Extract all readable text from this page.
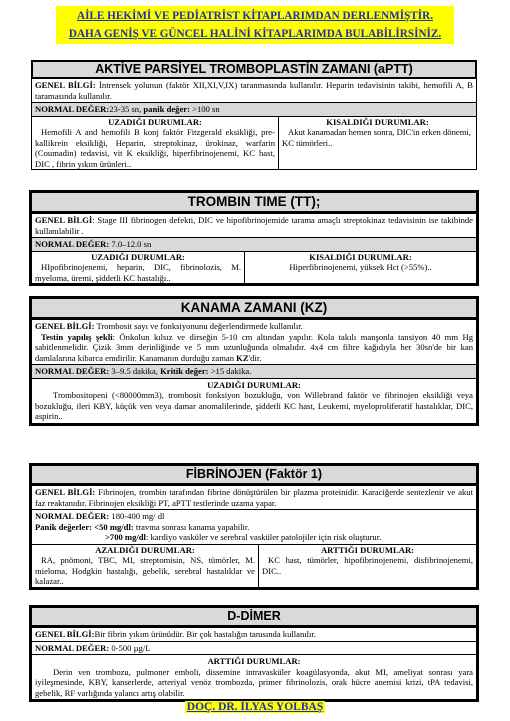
AİLE HEKİMİ VE PEDİATRİST KİTAPLARIMDAN DERLENMİŞTİR.
DAHA GENİŞ VE GÜNCEL HALİNİ KİTAPLARIMDA BULABİLİRSİNİZ.
AKTİVE PARSİYEL TROMBOPLASTİN ZAMANI (aPTT)
GENEL BİLGİ: İntrensek yolunun (faktör XII,XI,V,IX) taranmasında kullanılır. Heparin tedavisinin takibi, hemofili A, B taramasında kullanılır.
NORMAL DEĞER:23-35 sn, panik değer: >100 sn
UZADIĞI DURUMLAR:
Hemofili A and hemofili B konj faktör Fitzgerald eksikliği, pre-kallikrein eksikliği, Heparin, streptokinaz, ürokinaz, warfarin (Coumadin) tedavisi, vit K eksikliği, hiperfibrinojenemi, KC hast, DIC , fibrin yıkım ürünleri..
KISALDIĞI DURUMLAR:
Akut kanamadan hemen sonra, DIC'in erken dönemi, KC tümörleri..
TROMBIN TIME (TT);
GENEL BİLGİ: Stage III fibrinogen defekti, DIC ve hipofibrinojemide tarama amaçlı streptokinaz tedavisinin ise takibinde kullanılabilir .
NORMAL DEĞER: 7.0–12.0 sn
UZADIĞI DURUMLAR:
HIpofibrinojenemi, heparin, DIC, fibrinolozis, M. myeloma, üremi, şiddetli KC hastalığı..
KISALDIĞI DURUMLAR:
Hiperfibrinojenemi, yüksek Hct (>55%)..
KANAMA ZAMANI (KZ)
GENEL BİLGİ: Trombosit sayı ve fonksiyonunu değerlendirmede kullanılır.
Testin yapılış şekli: Önkolun kılsız ve dirseğin 5-10 cm altından yapılır. Kola takılı manşonla tansiyon 40 mm Hg sabitlenmelidir. Çizik 3mm derinliğinde ve 5 mm uzunluğunda olmalıdır. 4x4 cm filtre kağıdıyla her 30sn'de bir kan damlalarına kibarca emdirilir. Kanamanın durduğu zaman KZ'dir.
NORMAL DEĞER: 3–9.5 dakika, Kritik değer: >15 dakika.
UZADIĞI DURUMLAR:
Trombositopeni (<80000mm3), trombosit fonksiyon bozukluğu, von Willebrand faktör ve fibrinojen eksikliği veya bozukluğu, ileri KBY, küçük ven veya damar anomalilerinde, şiddetli KC hast, Leukemi, myeloproliferatif hastalıklar, DIC, aspirin..
FİBRİNOJEN (Faktör 1)
GENEL BİLGİ: Fibrinojen, trombin tarafından fibrine dönüştürülen bir plazma proteinidir. Karaciğerde sentezlenir ve akut faz reaktanıdır. Fibrinojen eksikliği PT, aPTT testlerinde uzama yapar.
NORMAL DEĞER: 180-400 mg/ dl
Panik değerler: <50 mg/dl: travma sonrası kanama yapabilir.
>700 mg/dl: kardiyo vasküler ve serebral vasküler patolojiler için risk oluşturur.
AZALDIĞI DURUMLAR:
RA, pnömoni, TBC, MI, streptomisin, NS, tümörler, M. mieloma, Hodgkin hastalığı, gebelik, serebral hastalıklar ve kalazar..
ARTTIĞI DURUMLAR:
KC hast, tümörler, hipofibrinojenemi, disfibrinojenemi, DIC..
D-DİMER
GENEL BİLGİ:Bir fibrin yıkım ürünüdür. Bir çok hastalığın tanısında kullanılır.
NORMAL DEĞER: 0-500 µg/L
ARTTIĞI DURUMLAR:
Derin ven trombozu, pulmoner emboli, dissemine intravasküler koagülasyonda, akut MI, ameliyat sonrası yara iyileşmesinde, KBY, kanserlerde, arteriyal venöz trombozda, primer fibrinolozis, orak hücre anemisi krizi, tPA tedavisi, gebelik, RF varlığında yalancı artış olabilir.
DOÇ. DR. İLYAS YOLBAŞ
